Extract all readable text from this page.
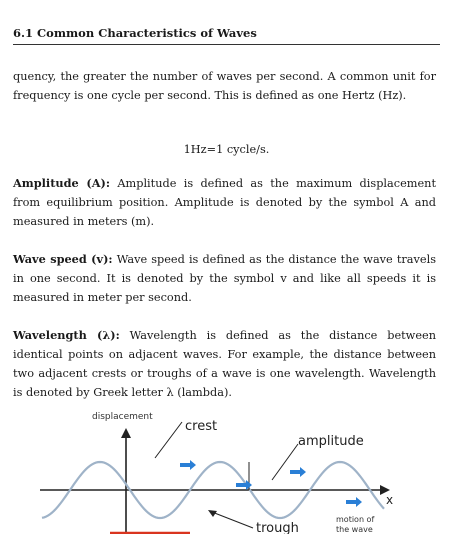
6.1 Common Characteristics of Waves
quency, the greater the number of waves per second. A common unit for frequency is one cycle per second. This is defined as one Hertz (Hz).
1Hz=1 cycle/s.
Amplitude (A): Amplitude is defined as the maximum displacement from equilibrium position. Amplitude is denoted by the symbol A and measured in meters (m).
Wave speed (v): Wave speed is defined as the distance the wave travels in one second. It is denoted by the symbol v and like all speeds it is measured in meter per second.
Wavelength (λ): Wavelength is defined as the distance between identical points on adjacent waves. For example, the distance between two adjacent crests or troughs of a wave is one wavelength. Wavelength is denoted by Greek letter λ (lambda).
x
displacement
crest
amplitude
trough
motion of
the wave
